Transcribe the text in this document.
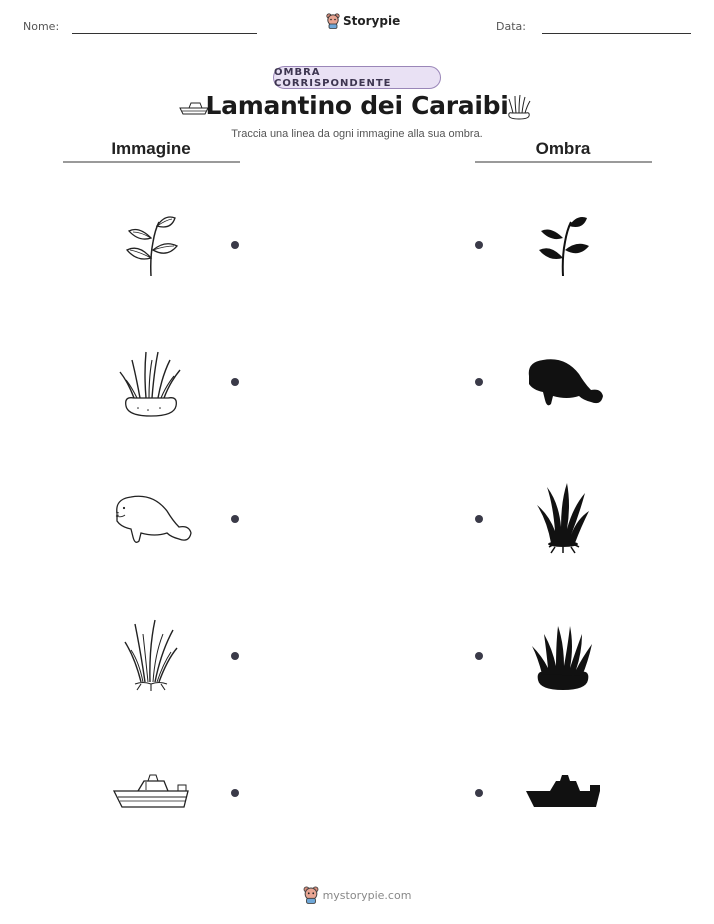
Nome:	Storypie	Data:
OMBRA CORRISPONDENTE
Lamantino dei Caraibi
Traccia una linea da ogni immagine alla sua ombra.
Immagine	Ombra
mystorypie.com
